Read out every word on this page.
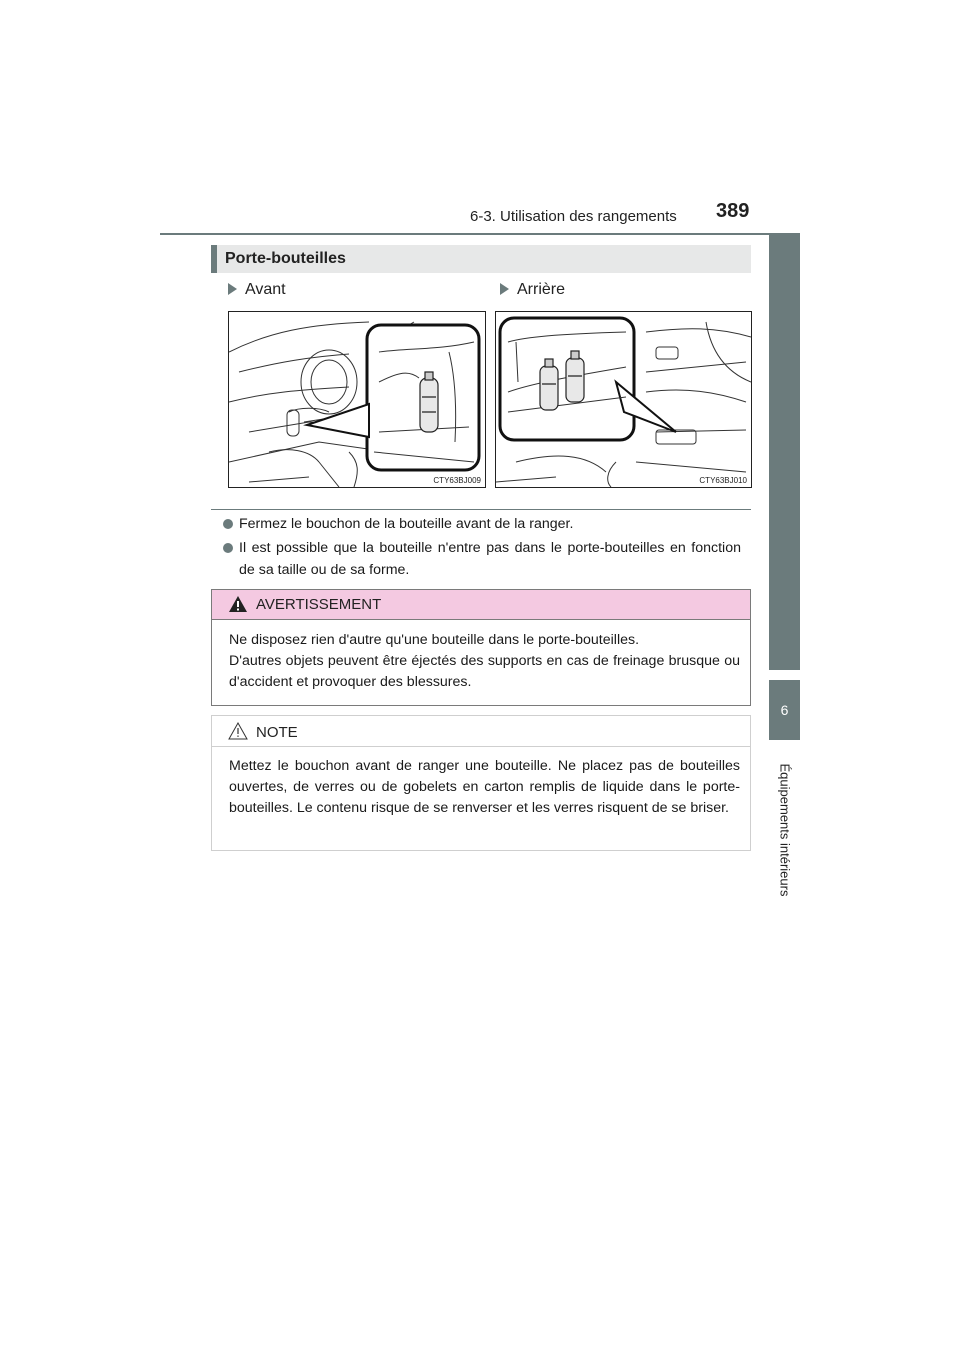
6-3. Utilisation des rangements 389
6
Équipements intérieurs
Porte-bouteilles
Avant	Arrière
CTY63BJ009	CTY63BJ010
Fermez le bouchon de la bouteille avant de la ranger.
Il est possible que la bouteille n'entre pas dans le porte-bouteilles en fonction de sa taille ou de sa forme.
AVERTISSEMENT
Ne disposez rien d'autre qu'une bouteille dans le porte-bouteilles.
D'autres objets peuvent être éjectés des supports en cas de freinage brusque ou d'accident et provoquer des blessures.
NOTE
Mettez le bouchon avant de ranger une bouteille. Ne placez pas de bouteilles ouvertes, de verres ou de gobelets en carton remplis de liquide dans le porte-bouteilles. Le contenu risque de se renverser et les verres risquent de se briser.
